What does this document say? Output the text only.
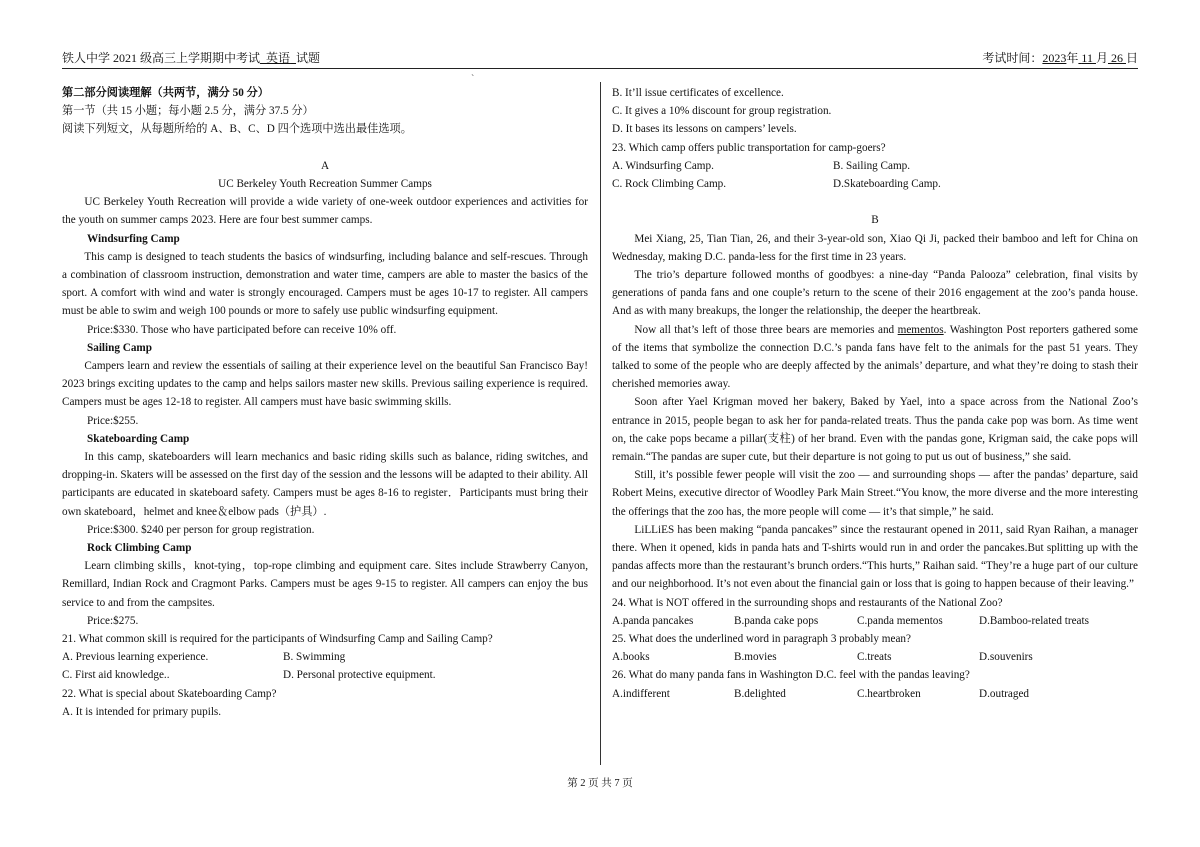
铁人中学 2021 级高三上学期期中考试 英语 试题	考试时间：2023年 11 月 26 日
`

第二部分阅读理解（共两节，满分 50 分）

第一节（共 15 小题；每小题 2.5 分，满分 37.5 分）

阅读下列短文，从每题所给的 A、B、C、D 四个选项中选出最佳选项。

A

UC Berkeley Youth Recreation Summer Camps

UC Berkeley Youth Recreation will provide a wide variety of one-week outdoor experiences and activities for the youth on summer camps 2023. Here are four best summer camps.

Windsurfing Camp

This camp is designed to teach students the basics of windsurfing, including balance and self-rescues. Through a combination of classroom instruction, demonstration and water time, campers are able to master the basics of the sport. A comfort with wind and water is strongly encouraged. Campers must be ages 10-17 to register. All campers must be able to swim and weigh 100 pounds or more to safely use public windsurfing equipment.

Price:$330. Those who have participated before can receive 10% off.

Sailing Camp

Campers learn and review the essentials of sailing at their experience level on the beautiful San Francisco Bay! 2023 brings exciting updates to the camp and helps sailors master new skills. Previous sailing experience is required. Campers must be ages 12-18 to register. All campers must have basic swimming skills.

Price:$255.

Skateboarding Camp

In this camp, skateboarders will learn mechanics and basic riding skills such as balance, riding switches, and dropping-in. Skaters will be assessed on the first day of the session and the lessons will be adapted to their ability. All participants are educated in skateboard safety. Campers must be ages 8-16 to register．Participants must bring their own skateboard，helmet and knee＆elbow pads（护具）.

Price:$300. $240 per person for group registration.

Rock Climbing Camp

Learn climbing skills，knot-tying，top-rope climbing and equipment care. Sites include Strawberry Canyon, Remillard, Indian Rock and Cragmont Parks. Campers must be ages 9-15 to register. All campers can enjoy the bus service to and from the campsites.

Price:$275.

21. What common skill is required for the participants of Windsurfing Camp and Sailing Camp?

A. Previous learning experience.	B. Swimming
C. First aid knowledge..	D. Personal protective equipment.

22. What is special about Skateboarding Camp?

A. It is intended for primary pupils.

B. It’ll issue certificates of excellence.

C. It gives a 10% discount for group registration.

D. It bases its lessons on campers’ levels.

23. Which camp offers public transportation for camp-goers?

A. Windsurfing Camp.	B. Sailing Camp.
C. Rock Climbing Camp.	D.Skateboarding Camp.

B

Mei Xiang, 25, Tian Tian, 26, and their 3-year-old son, Xiao Qi Ji, packed their bamboo and left for China on Wednesday, making D.C. panda-less for the first time in 23 years.

The trio’s departure followed months of goodbyes: a nine-day “Panda Palooza” celebration, final visits by generations of panda fans and one couple’s return to the scene of their 2016 engagement at the zoo’s panda house. And as with many breakups, the longer the relationship, the deeper the heartbreak.

Now all that’s left of those three bears are memories and mementos. Washington Post reporters gathered some of the items that symbolize the connection D.C.’s panda fans have felt to the animals for the past 51 years. They talked to some of the people who are deeply affected by the animals’ departure, and what they’re doing to stash their cherished memories away.

Soon after Yael Krigman moved her bakery, Baked by Yael, into a space across from the National Zoo’s entrance in 2015, people began to ask her for panda-related treats. Thus the panda cake pop was born. As time went on, the cake pops became a pillar(支柱) of her brand. Even with the pandas gone, Krigman said, the cake pops will remain.“The pandas are super cute, but their departure is not going to put us out of business,” she said.

Still, it’s possible fewer people will visit the zoo — and surrounding shops — after the pandas’ departure, said Robert Meins, executive director of Woodley Park Main Street.“You know, the more diverse and the more interesting the offerings that the zoo has, the more people will come — it’s that simple,” he said.

LiLLiES has been making “panda pancakes” since the restaurant opened in 2011, said Ryan Raihan, a manager there. When it opened, kids in panda hats and T-shirts would run in and order the pancakes.But splitting up with the pandas affects more than the restaurant’s brunch orders.“This hurts,” Raihan said. “They’re a huge part of our culture and our neighborhood. It’s not even about the financial gain or loss that is going to happen because of their leaving.”

24. What is NOT offered in the surrounding shops and restaurants of the National Zoo?

A.panda pancakes	B.panda cake pops	C.panda mementos	D.Bamboo-related treats

25. What does the underlined word in paragraph 3 probably mean?

A.books	B.movies	C.treats	D.souvenirs

26. What do many panda fans in Washington D.C. feel with the pandas leaving?

A.indifferent	B.delighted	C.heartbroken	D.outraged
第 2 页 共 7 页
